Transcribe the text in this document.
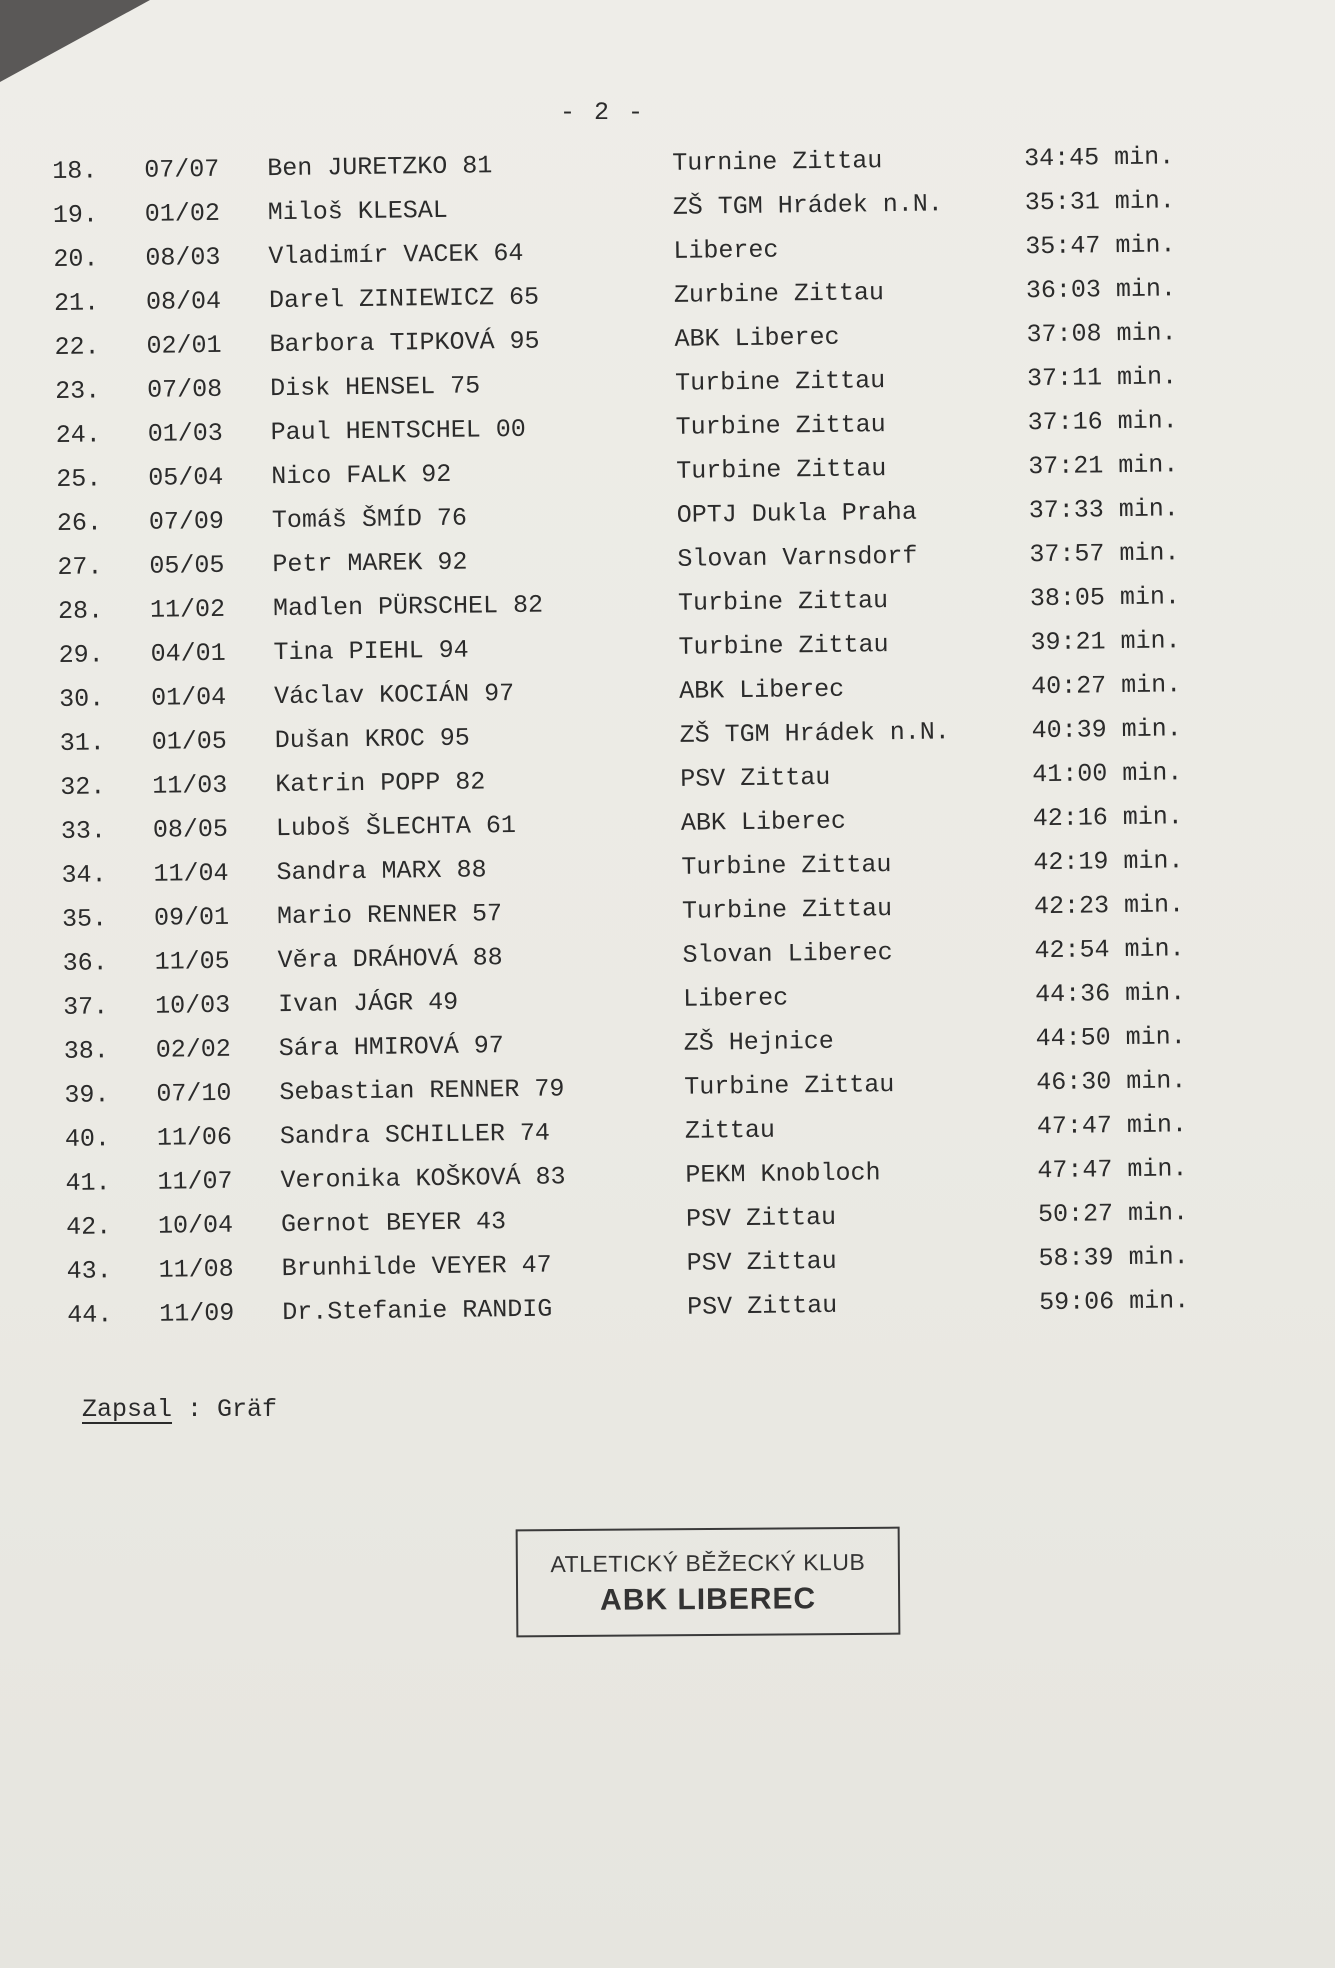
- 2 -
18.	07/07	Ben JURETZKO 81	Turnine Zittau	34:45 min.
19.	01/02	Miloš KLESAL	ZŠ TGM Hrádek n.N.	35:31 min.
20.	08/03	Vladimír VACEK 64	Liberec	35:47 min.
21.	08/04	Darel ZINIEWICZ 65	Zurbine Zittau	36:03 min.
22.	02/01	Barbora TIPKOVÁ 95	ABK Liberec	37:08 min.
23.	07/08	Disk HENSEL 75	Turbine Zittau	37:11 min.
24.	01/03	Paul HENTSCHEL 00	Turbine Zittau	37:16 min.
25.	05/04	Nico FALK 92	Turbine Zittau	37:21 min.
26.	07/09	Tomáš ŠMÍD 76	OPTJ Dukla Praha	37:33 min.
27.	05/05	Petr MAREK 92	Slovan Varnsdorf	37:57 min.
28.	11/02	Madlen PÜRSCHEL 82	Turbine Zittau	38:05 min.
29.	04/01	Tina PIEHL 94	Turbine Zittau	39:21 min.
30.	01/04	Václav KOCIÁN 97	ABK Liberec	40:27 min.
31.	01/05	Dušan KROC 95	ZŠ TGM Hrádek n.N.	40:39 min.
32.	11/03	Katrin POPP 82	PSV Zittau	41:00 min.
33.	08/05	Luboš ŠLECHTA 61	ABK Liberec	42:16 min.
34.	11/04	Sandra MARX 88	Turbine Zittau	42:19 min.
35.	09/01	Mario RENNER 57	Turbine Zittau	42:23 min.
36.	11/05	Věra DRÁHOVÁ 88	Slovan Liberec	42:54 min.
37.	10/03	Ivan JÁGR 49	Liberec	44:36 min.
38.	02/02	Sára HMIROVÁ 97	ZŠ Hejnice	44:50 min.
39.	07/10	Sebastian RENNER 79	Turbine Zittau	46:30 min.
40.	11/06	Sandra SCHILLER 74	Zittau	47:47 min.
41.	11/07	Veronika KOŠKOVÁ 83	PEKM Knobloch	47:47 min.
42.	10/04	Gernot BEYER 43	PSV Zittau	50:27 min.
43.	11/08	Brunhilde VEYER 47	PSV Zittau	58:39 min.
44.	11/09	Dr.Stefanie RANDIG	PSV Zittau	59:06 min.
Zapsal : Gräf
ATLETICKÝ BĚŽECKÝ KLUB
ABK LIBEREC
